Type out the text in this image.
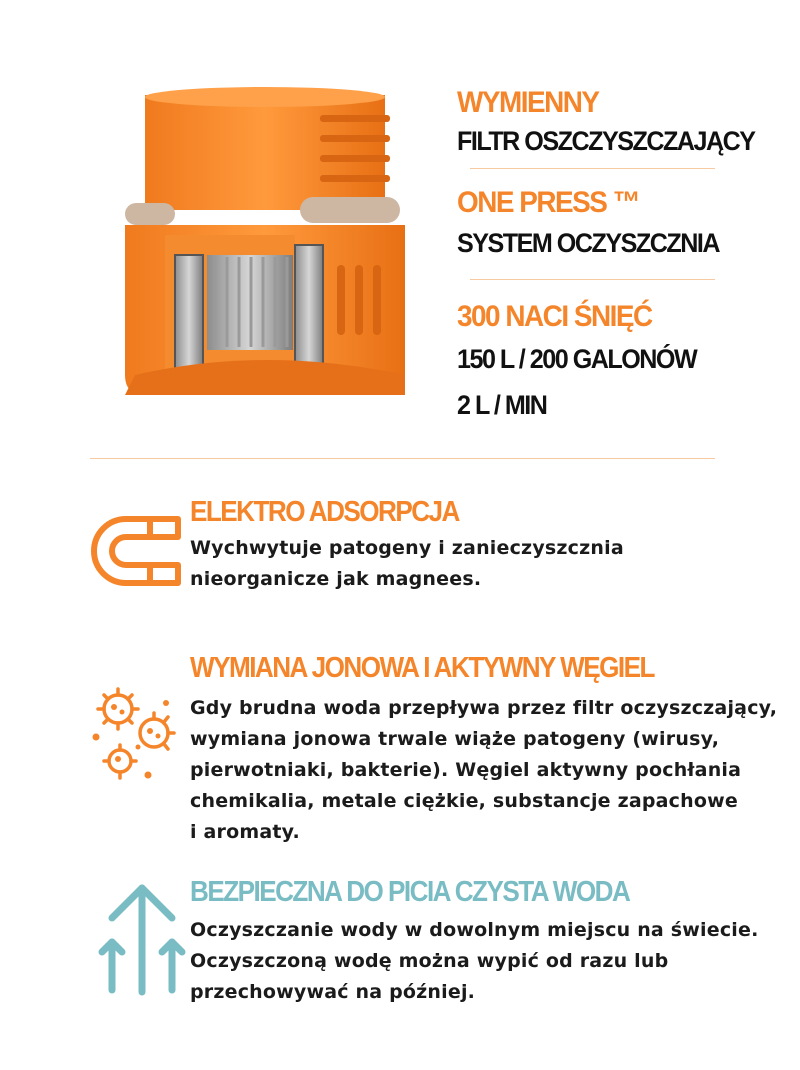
WYMIENNY
FILTR OSZCZYSZCZAJĄCY
ONE PRESS ™
SYSTEM OCZYSZCZNIA
300 NACI ŚNIĘĆ
150 L / 200 GALONÓW
2 L / MIN
ELEKTRO ADSORPCJA
Wychwytuje patogeny i zanieczyszcznia
nieorganicze jak magnees.
WYMIANA JONOWA I AKTYWNY WĘGIEL
Gdy brudna woda przepływa przez filtr oczyszczający,
wymiana jonowa trwale wiąże patogeny (wirusy,
pierwotniaki, bakterie). Węgiel aktywny pochłania
chemikalia, metale ciężkie, substancje zapachowe
i aromaty.
BEZPIECZNA DO PICIA CZYSTA WODA
Oczyszczanie wody w dowolnym miejscu na świecie.
Oczyszczoną wodę można wypić od razu lub
przechowywać na później.
